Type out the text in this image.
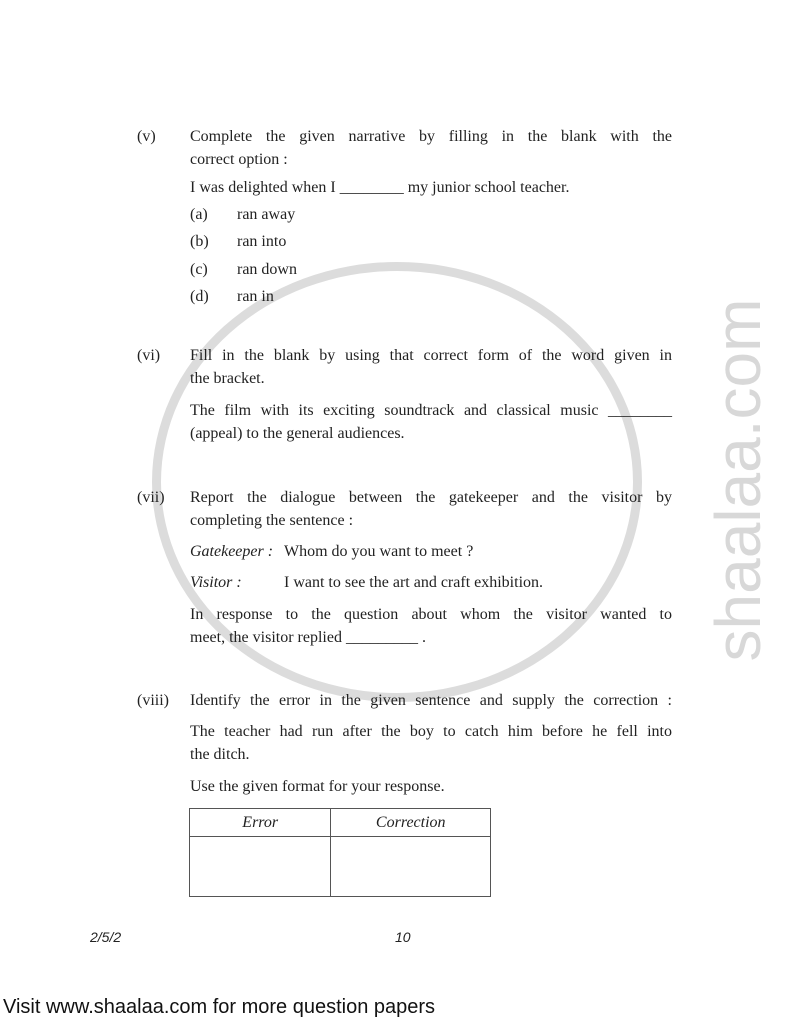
shaalaa.com
(v) Complete the given narrative by filling in the blank with the
correct option :
I was delighted when I ________ my junior school teacher.
(a) ran away
(b) ran into
(c) ran down
(d) ran in
(vi) Fill in the blank by using that correct form of the word given in
the bracket.
The film with its exciting soundtrack and classical music ________
(appeal) to the general audiences.
(vii) Report the dialogue between the gatekeeper and the visitor by
completing the sentence :
Gatekeeper : Whom do you want to meet ?
Visitor :	I want to see the art and craft exhibition.
In response to the question about whom the visitor wanted to
meet, the visitor replied _________ .
(viii) Identify the error in the given sentence and supply the correction :
The teacher had run after the boy to catch him before he fell into
the ditch.
Use the given format for your response.
Error	Correction

2/5/2	10
Visit www.shaalaa.com for more question papers
